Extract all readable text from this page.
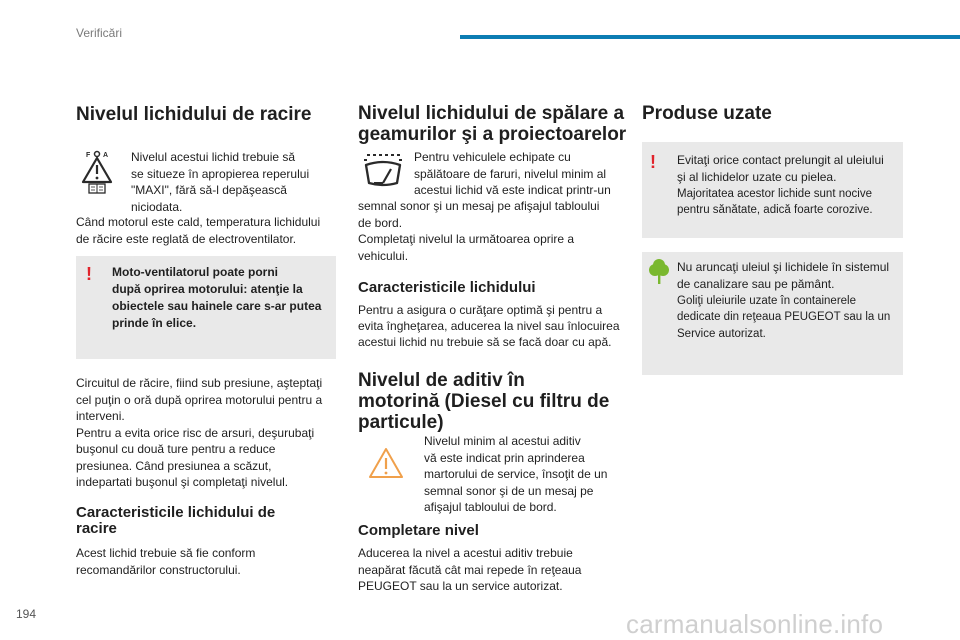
Verificări
Nivelul lichidului de racire
F A Nivelul acestui lichid trebuie să

se situeze în apropierea reperului

"MAXI", fără să-l depăşească

niciodata.

Când motorul este cald, temperatura lichidului

de răcire este reglată de electroventilator.

! Moto-ventilatorul poate porni
după oprirea motorului: atenţie la
obiectele sau hainele care s-ar putea
prinde în elice.

Circuitul de răcire, fiind sub presiune, aşteptaţi

cel puţin o oră după oprirea motorului pentru a

interveni.

Pentru a evita orice risc de arsuri, deşurubaţi

buşonul cu două ture pentru a reduce

presiunea. Când presiunea a scăzut,

indepartati buşonul şi completaţi nivelul.

Caracteristicile lichidului de
racire

Acest lichid trebuie să fie conform

recomandărilor constructorului.

Nivelul lichidului de spălare a
geamurilor şi a proiectoarelor

Pentru vehiculele echipate cu

spălătoare de faruri, nivelul minim al

acestui lichid vă este indicat printr-un

semnal sonor şi un mesaj pe afişajul tabloului

de bord.

Completaţi nivelul la următoarea oprire a

vehicului.

Caracteristicile lichidului

Pentru a asigura o curăţare optimă şi pentru a

evita îngheţarea, aducerea la nivel sau înlocuirea

acestui lichid nu trebuie să se facă doar cu apă.

Nivelul de aditiv în
motorină (Diesel cu filtru de
particule)

Nivelul minim al acestui aditiv

vă este indicat prin aprinderea

martorului de service, însoţit de un

semnal sonor şi de un mesaj pe

afişajul tabloului de bord.

Completare nivel

Aducerea la nivel a acestui aditiv trebuie

neapărat făcută cât mai repede în reţeaua

PEUGEOT sau la un service autorizat.

Produse uzate
! Evitaţi orice contact prelungit al uleiului
şi al lichidelor uzate cu pielea.
Majoritatea acestor lichide sunt nocive
pentru sănătate, adică foarte corozive.
Nu aruncaţi uleiul şi lichidele în sistemul
de canalizare sau pe pământ.
Goliţi uleiurile uzate în containerele
dedicate din reţeaua PEUGEOT sau la un
Service autorizat.
194	carmanualsonline.info
